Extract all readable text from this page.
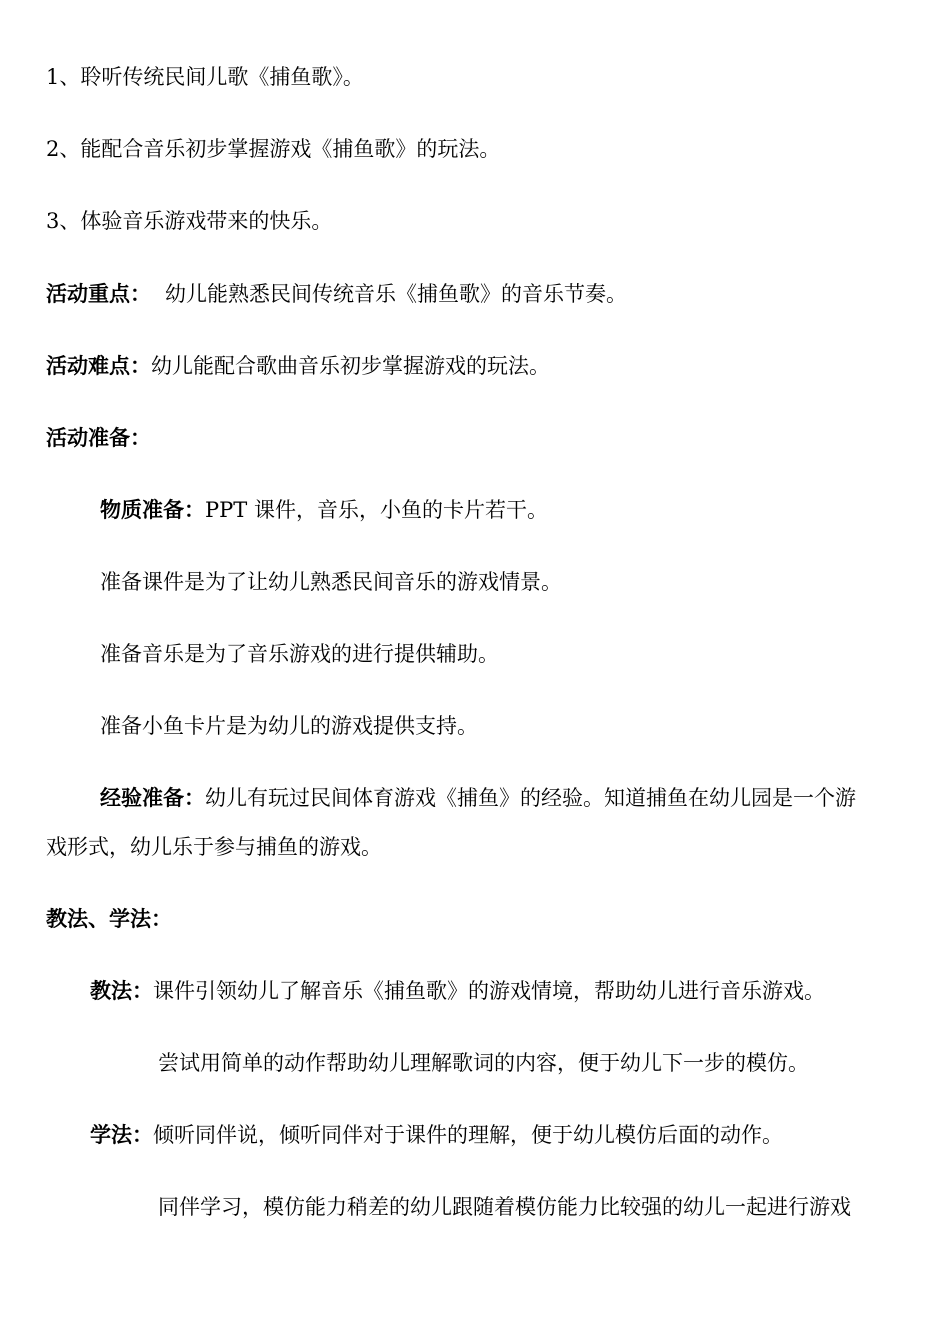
1、聆听传统民间儿歌《捕鱼歌》。
2、能配合音乐初步掌握游戏《捕鱼歌》的玩法。
3、体验音乐游戏带来的快乐。
活动重点： 幼儿能熟悉民间传统音乐《捕鱼歌》的音乐节奏。
活动难点：幼儿能配合歌曲音乐初步掌握游戏的玩法。
活动准备：
物质准备：PPT 课件，音乐，小鱼的卡片若干。
准备课件是为了让幼儿熟悉民间音乐的游戏情景。
准备音乐是为了音乐游戏的进行提供辅助。
准备小鱼卡片是为幼儿的游戏提供支持。
经验准备：幼儿有玩过民间体育游戏《捕鱼》的经验。知道捕鱼在幼儿园是一个游
戏形式，幼儿乐于参与捕鱼的游戏。
教法、学法：
教法：课件引领幼儿了解音乐《捕鱼歌》的游戏情境，帮助幼儿进行音乐游戏。
尝试用简单的动作帮助幼儿理解歌词的内容，便于幼儿下一步的模仿。
学法：倾听同伴说，倾听同伴对于课件的理解，便于幼儿模仿后面的动作。
同伴学习，模仿能力稍差的幼儿跟随着模仿能力比较强的幼儿一起进行游戏
